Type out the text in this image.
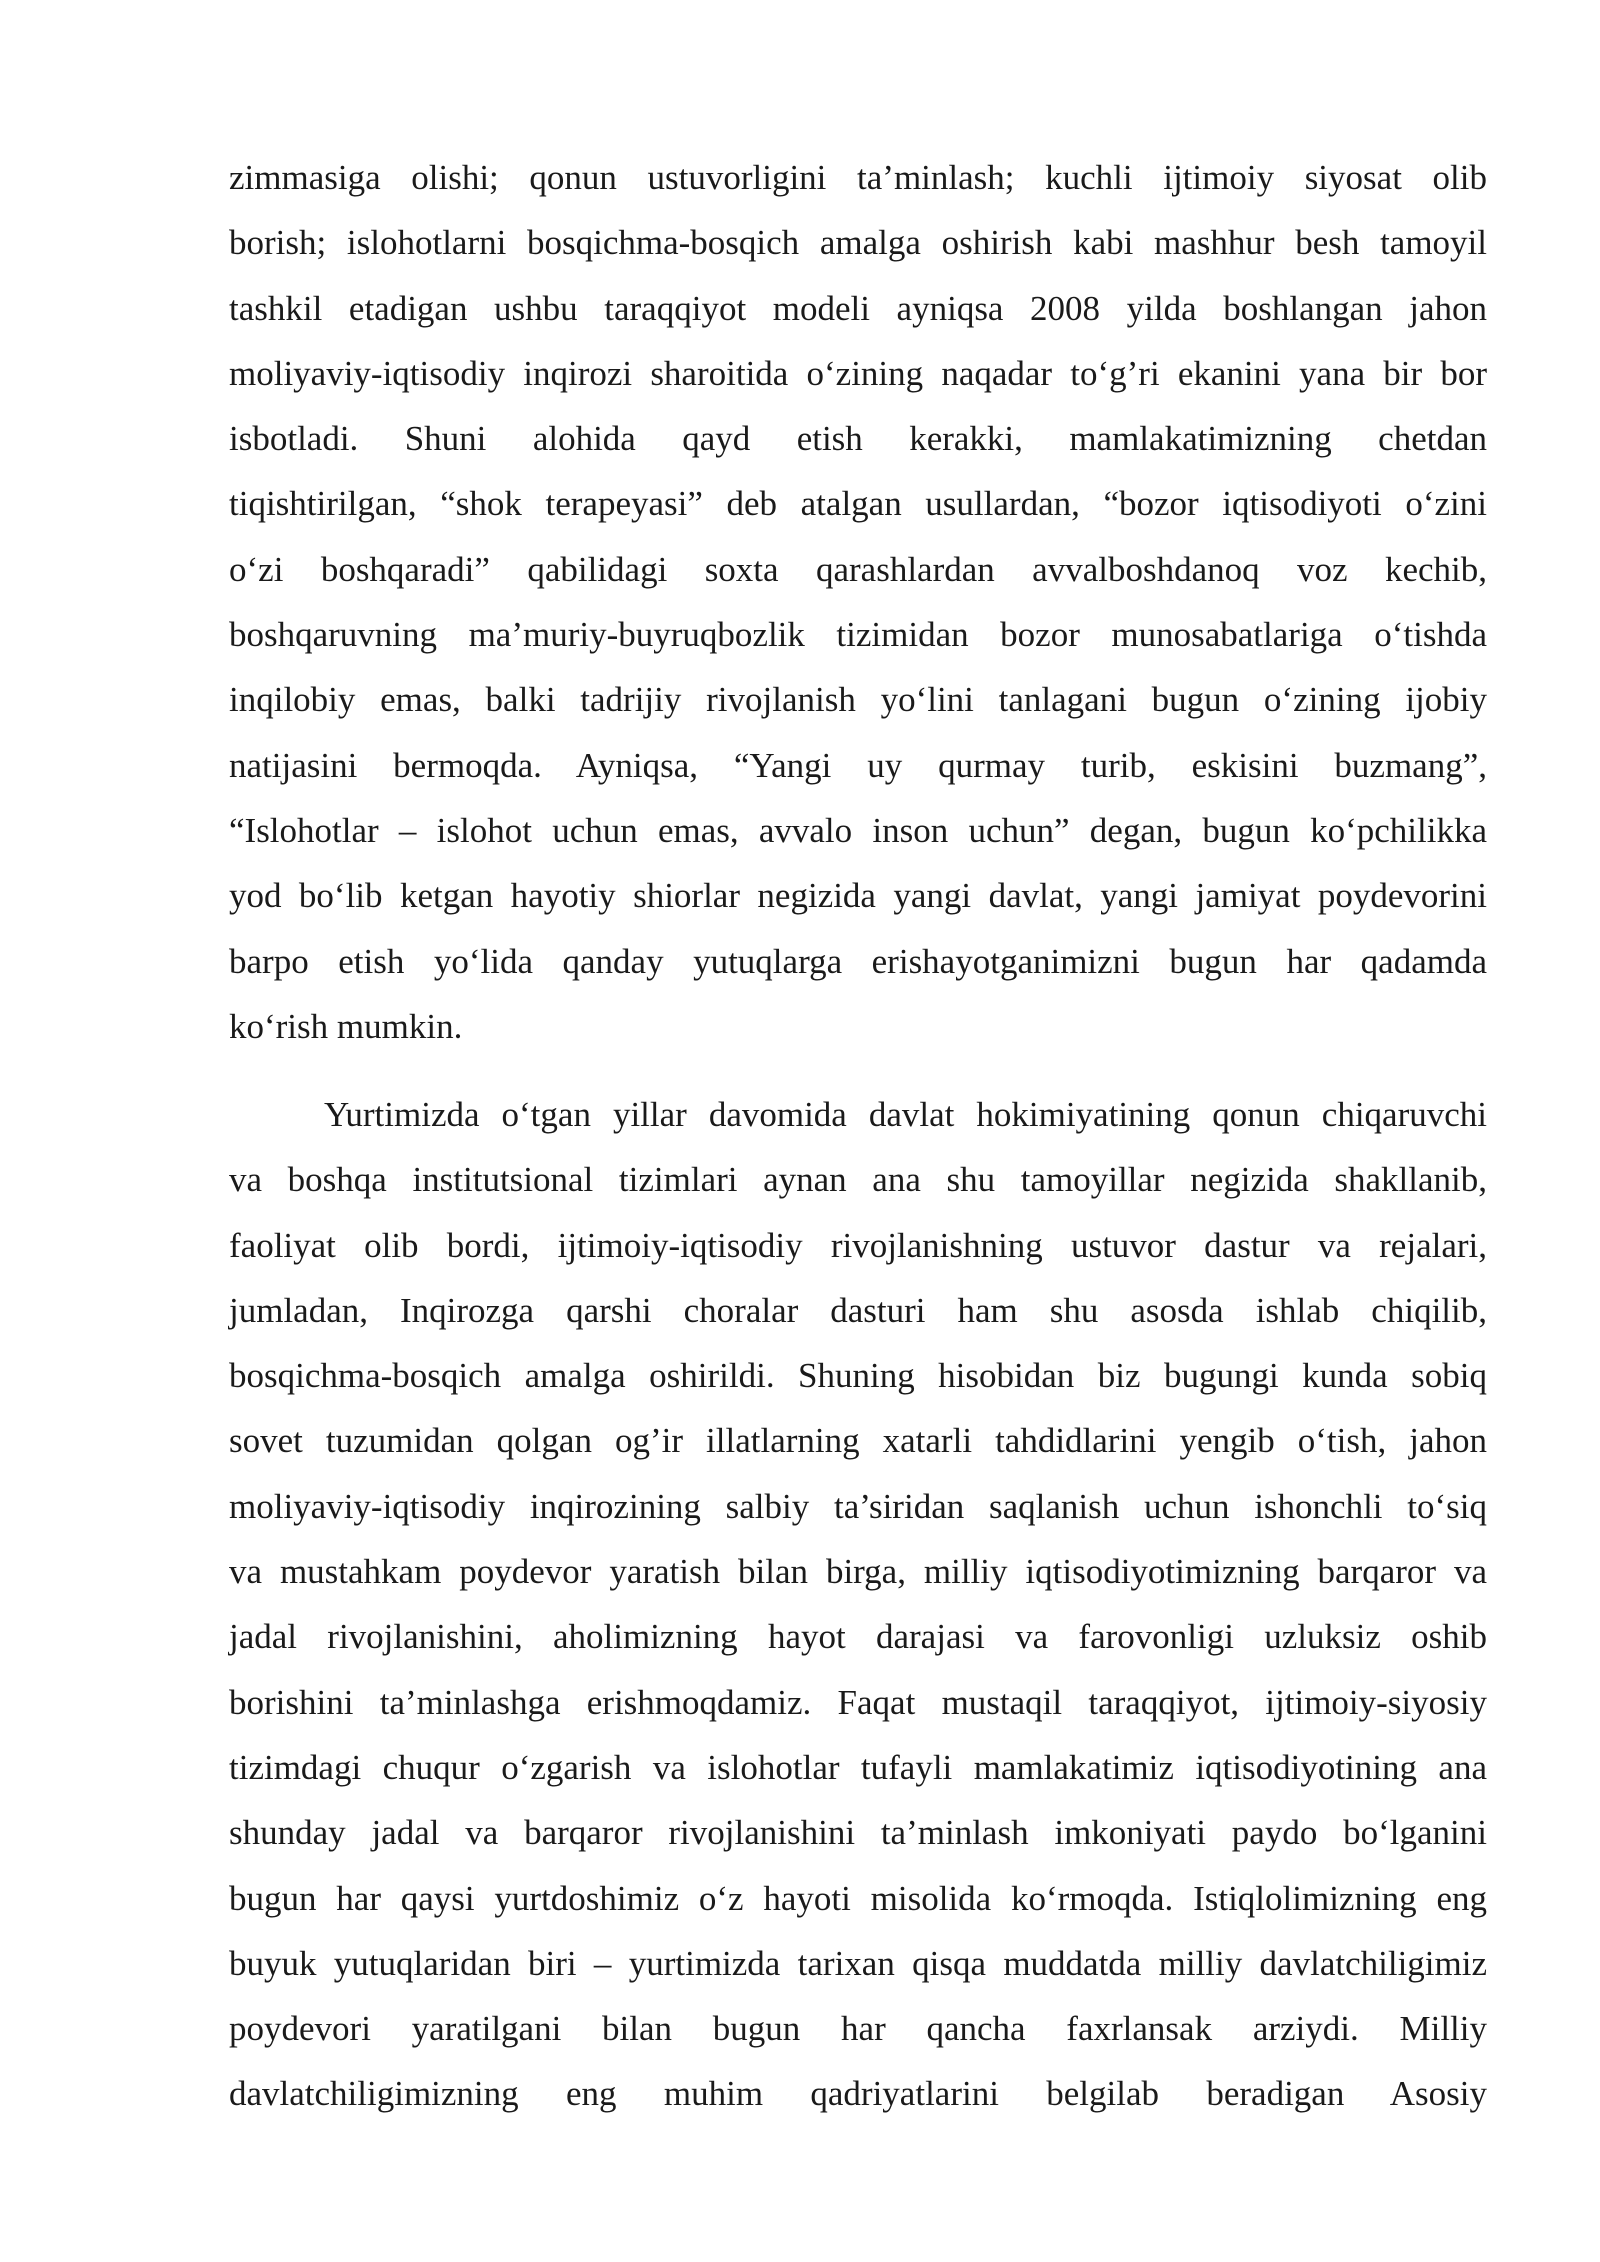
zimmasiga olishi; qonun ustuvorligini ta’minlash; kuchli ijtimoiy siyosat olib
borish; islohotlarni bosqichma-bosqich amalga oshirish kabi mashhur besh tamoyil
tashkil etadigan ushbu taraqqiyot modeli ayniqsa 2008 yilda boshlangan jahon
moliyaviy-iqtisodiy inqirozi sharoitida o‘zining naqadar to‘g’ri ekanini yana bir bor
isbotladi. Shuni alohida qayd etish kerakki, mamlakatimizning chetdan
tiqishtirilgan, “shok terapeyasi” deb atalgan usullardan, “bozor iqtisodiyoti o‘zini
o‘zi boshqaradi” qabilidagi soxta qarashlardan avvalboshdanoq voz kechib,
boshqaruvning ma’muriy-buyruqbozlik tizimidan bozor munosabatlariga o‘tishda
inqilobiy emas, balki tadrijiy rivojlanish yo‘lini tanlagani bugun o‘zining ijobiy
natijasini bermoqda. Ayniqsa, “Yangi uy qurmay turib, eskisini buzmang”,
“Islohotlar – islohot uchun emas, avvalo inson uchun” degan, bugun ko‘pchilikka
yod bo‘lib ketgan hayotiy shiorlar negizida yangi davlat, yangi jamiyat poydevorini
barpo etish yo‘lida qanday yutuqlarga erishayotganimizni bugun har qadamda
ko‘rish mumkin.
Yurtimizda o‘tgan yillar davomida davlat hokimiyatining qonun chiqaruvchi
va boshqa institutsional tizimlari aynan ana shu tamoyillar negizida shakllanib,
faoliyat olib bordi, ijtimoiy-iqtisodiy rivojlanishning ustuvor dastur va rejalari,
jumladan, Inqirozga qarshi choralar dasturi ham shu asosda ishlab chiqilib,
bosqichma-bosqich amalga oshirildi. Shuning hisobidan biz bugungi kunda sobiq
sovet tuzumidan qolgan og’ir illatlarning xatarli tahdidlarini yengib o‘tish, jahon
moliyaviy-iqtisodiy inqirozining salbiy ta’siridan saqlanish uchun ishonchli to‘siq
va mustahkam poydevor yaratish bilan birga, milliy iqtisodiyotimizning barqaror va
jadal rivojlanishini, aholimizning hayot darajasi va farovonligi uzluksiz oshib
borishini ta’minlashga erishmoqdamiz. Faqat mustaqil taraqqiyot, ijtimoiy-siyosiy
tizimdagi chuqur o‘zgarish va islohotlar tufayli mamlakatimiz iqtisodiyotining ana
shunday jadal va barqaror rivojlanishini ta’minlash imkoniyati paydo bo‘lganini
bugun har qaysi yurtdoshimiz o‘z hayoti misolida ko‘rmoqda. Istiqlolimizning eng
buyuk yutuqlaridan biri – yurtimizda tarixan qisqa muddatda milliy davlatchiligimiz
poydevori yaratilgani bilan bugun har qancha faxrlansak arziydi. Milliy
davlatchiligimizning eng muhim qadriyatlarini belgilab beradigan Asosiy
